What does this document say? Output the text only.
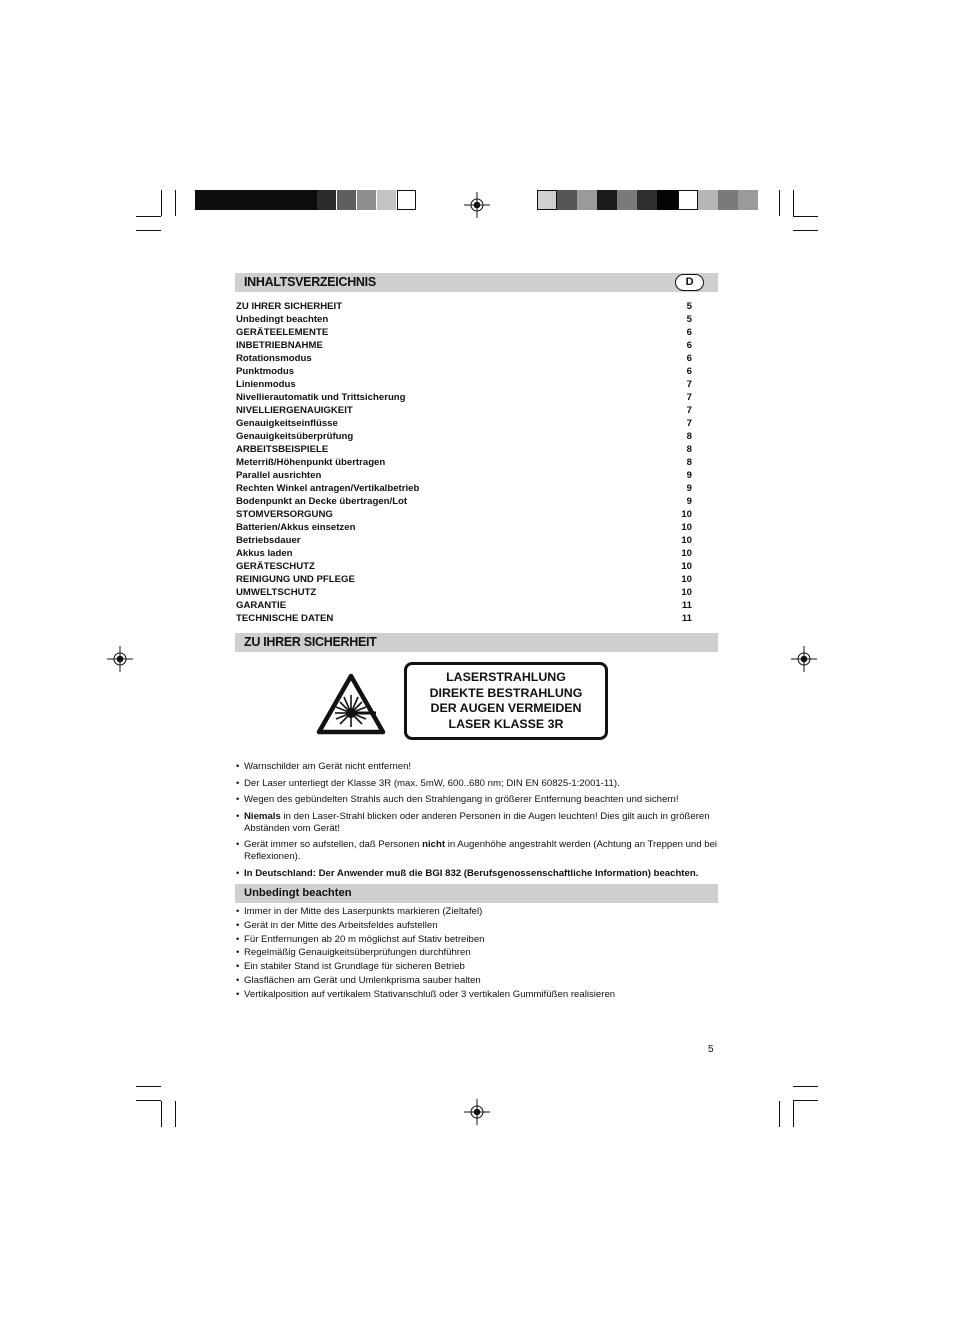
INHALTSVERZEICHNIS	D
ZU IHRER SICHERHEIT	5
Unbedingt beachten	5
GERÄTEELEMENTE	6
INBETRIEBNAHME	6
Rotationsmodus	6
Punktmodus	6
Linienmodus	7
Nivellierautomatik und Trittsicherung	7
NIVELLIERGENAUIGKEIT	7
Genauigkeitseinflüsse	7
Genauigkeitsüberprüfung	8
ARBEITSBEISPIELE	8
Meterriß/Höhenpunkt übertragen	8
Parallel ausrichten	9
Rechten Winkel antragen/Vertikalbetrieb	9
Bodenpunkt an Decke übertragen/Lot	9
STOMVERSORGUNG	10
Batterien/Akkus einsetzen	10
Betriebsdauer	10
Akkus laden	10
GERÄTESCHUTZ	10
REINIGUNG UND PFLEGE	10
UMWELTSCHUTZ	10
GARANTIE	11
TECHNISCHE DATEN	11
ZU IHRER SICHERHEIT
LASERSTRAHLUNG
DIREKTE BESTRAHLUNG
DER AUGEN VERMEIDEN
LASER KLASSE 3R
• Warnschilder am Gerät nicht entfernen!
• Der Laser unterliegt der Klasse 3R (max. 5mW, 600..680 nm; DIN EN 60825-1:2001-11).
• Wegen des gebündelten Strahls auch den Strahlengang in größerer Entfernung beachten und sichern!
• Niemals in den Laser-Strahl blicken oder anderen Personen in die Augen leuchten! Dies gilt auch in größeren Abständen vom Gerät!
• Gerät immer so aufstellen, daß Personen nicht in Augenhöhe angestrahlt werden (Achtung an Treppen und bei Reflexionen).
• In Deutschland: Der Anwender muß die BGI 832 (Berufsgenossenschaftliche Information) beachten.
Unbedingt beachten
• Immer in der Mitte des Laserpunkts markieren (Zieltafel)
• Gerät in der Mitte des Arbeitsfeldes aufstellen
• Für Entfernungen ab 20 m möglichst auf Stativ betreiben
• Regelmäßig Genauigkeitsüberprüfungen durchführen
• Ein stabiler Stand ist Grundlage für sicheren Betrieb
• Glasflächen am Gerät und Umlenkprisma sauber halten
• Vertikalposition auf vertikalem Stativanschluß oder 3 vertikalen Gummifüßen realisieren
5
